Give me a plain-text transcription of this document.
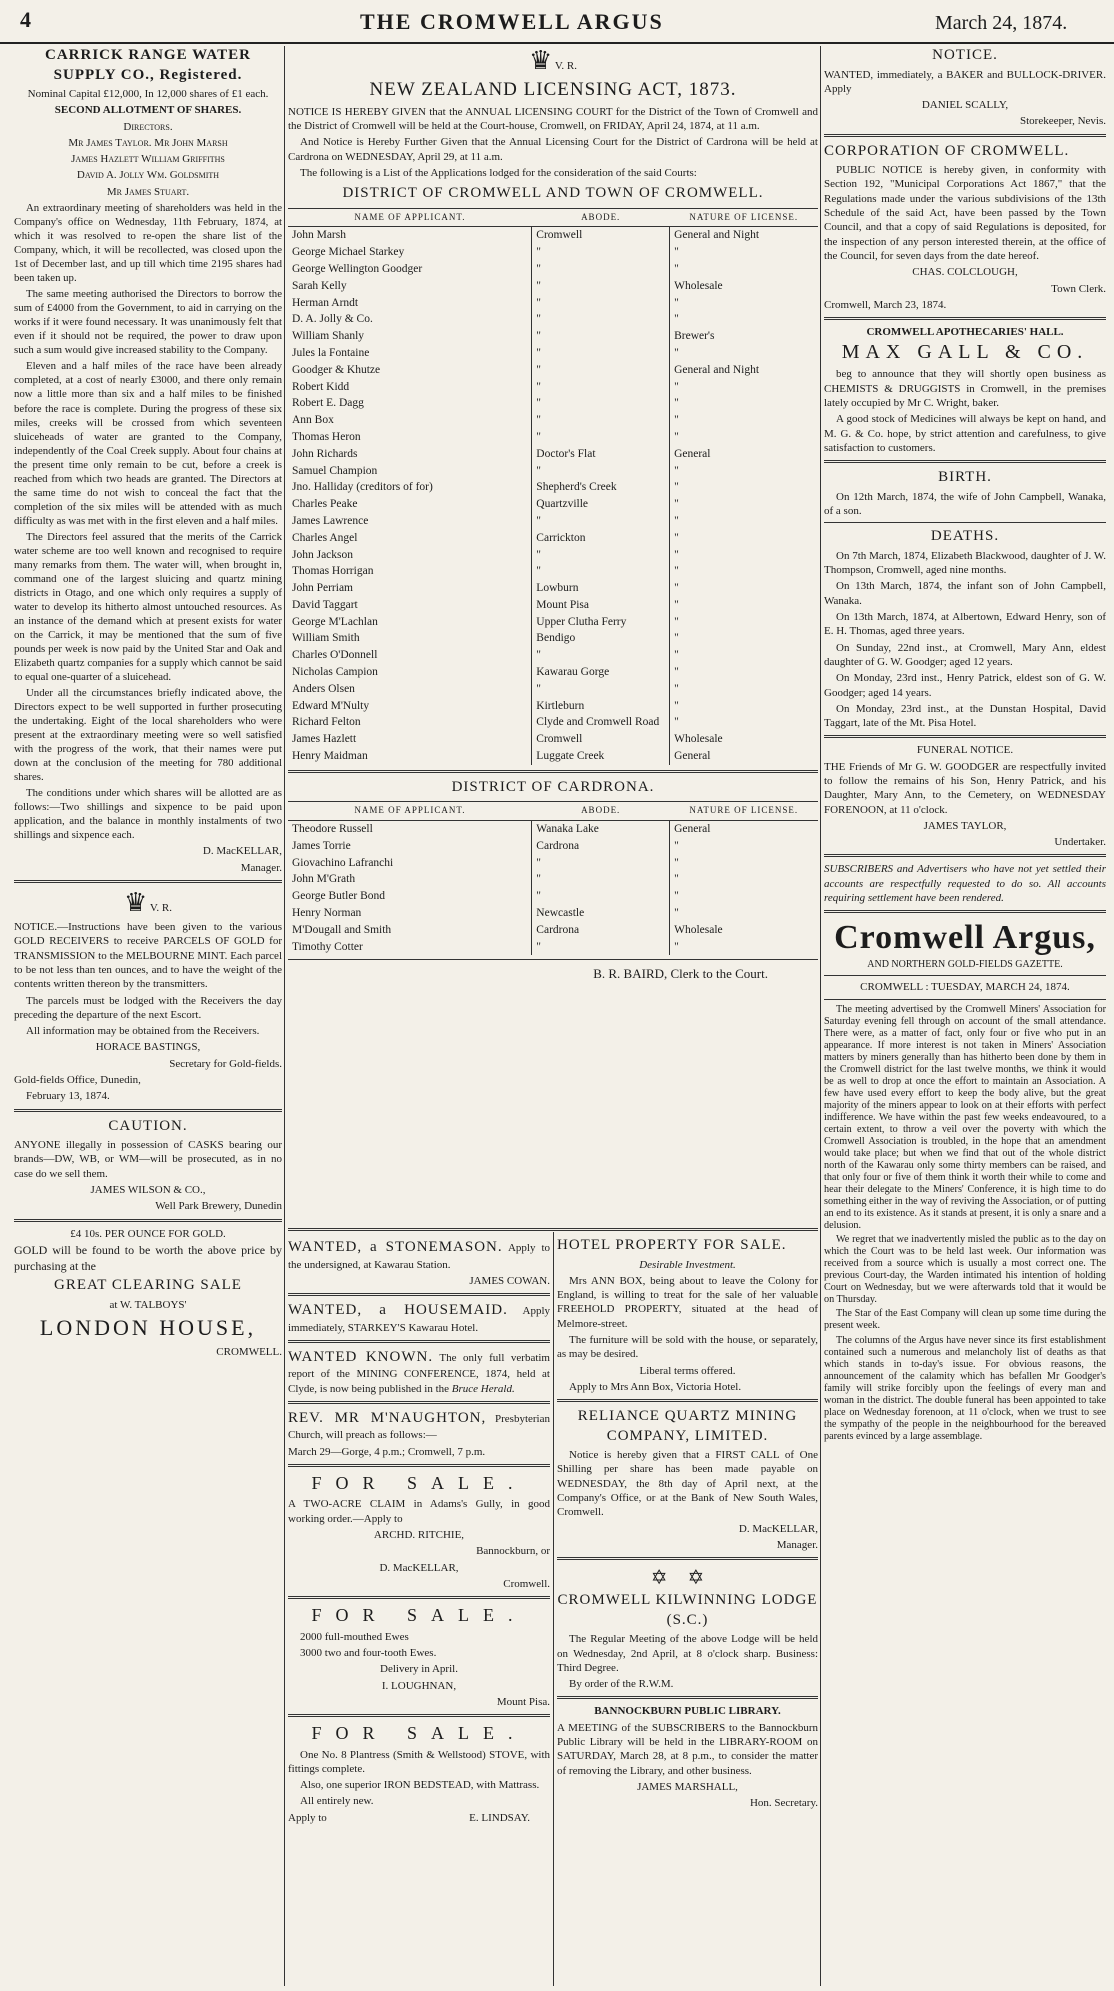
4	THE CROMWELL ARGUS	March 24, 1874.
CARRICK RANGE WATER SUPPLY CO., Registered.

Nominal Capital £12,000, In 12,000 shares of £1 each.

SECOND ALLOTMENT OF SHARES.

Directors.

Mr James Taylor. Mr John Marsh

James Hazlett William Griffiths

David A. Jolly Wm. Goldsmith

Mr James Stuart.

An extraordinary meeting of shareholders was held in the Company's office on Wednesday, 11th February, 1874, at which it was resolved to re-open the share list of the Company, which, it will be recollected, was closed upon the 1st of December last, and up till which time 2195 shares had been taken up.

The same meeting authorised the Directors to borrow the sum of £4000 from the Government, to aid in carrying on the works if it were found necessary. It was unanimously felt that even if it should not be required, the power to draw upon such a sum would give increased stability to the Company.

Eleven and a half miles of the race have been already completed, at a cost of nearly £3000, and there only remain now a little more than six and a half miles to be finished before the race is complete. During the progress of these six miles, creeks will be crossed from which seventeen sluiceheads of water are granted to the Company, independently of the Coal Creek supply. About four chains at the present time only remain to be cut, before a creek is reached from which two heads are granted. The Directors at the same time do not wish to conceal the fact that the completion of the six miles will be attended with as much difficulty as was met with in the first eleven and a half miles.

The Directors feel assured that the merits of the Carrick water scheme are too well known and recognised to require many remarks from them. The water will, when brought in, command one of the largest sluicing and quartz mining districts in Otago, and one which only requires a supply of water to develop its hitherto almost untouched resources. As an instance of the demand which at present exists for water on the Carrick, it may be mentioned that the sum of five pounds per week is now paid by the United Star and Oak and Elizabeth quartz companies for a supply which cannot be said to equal one-quarter of a sluicehead.

Under all the circumstances briefly indicated above, the Directors expect to be well supported in further prosecuting the undertaking. Eight of the local shareholders who were present at the extraordinary meeting were so well satisfied with the progress of the work, that their names were put down at the conclusion of the meeting for 780 additional shares.

The conditions under which shares will be allotted are as follows:—Two shillings and sixpence to be paid upon application, and the balance in monthly instalments of two shillings and sixpence each.

D. MacKELLAR,

Manager.

♛ V. R.

NOTICE.—Instructions have been given to the various GOLD RECEIVERS to receive PARCELS OF GOLD for TRANSMISSION to the MELBOURNE MINT. Each parcel to be not less than ten ounces, and to have the weight of the contents written thereon by the transmitters.

The parcels must be lodged with the Receivers the day preceding the departure of the next Escort.

All information may be obtained from the Receivers.

HORACE BASTINGS,

Secretary for Gold-fields.

Gold-fields Office, Dunedin,

February 13, 1874.

CAUTION.

ANYONE illegally in possession of CASKS bearing our brands—DW, WB, or WM—will be prosecuted, as in no case do we sell them.

JAMES WILSON & CO.,

Well Park Brewery, Dunedin

£4 10s. PER OUNCE FOR GOLD.

GOLD will be found to be worth the above price by purchasing at the

GREAT CLEARING SALE

at W. TALBOYS'

LONDON HOUSE,

CROMWELL.

♛ V. R.
NEW ZEALAND LICENSING ACT, 1873.

NOTICE IS HEREBY GIVEN that the ANNUAL LICENSING COURT for the District of the Town of Cromwell and the District of Cromwell will be held at the Court-house, Cromwell, on FRIDAY, April 24, 1874, at 11 a.m.

And Notice is Hereby Further Given that the Annual Licensing Court for the District of Cardrona will be held at Cardrona on WEDNESDAY, April 29, at 11 a.m.

The following is a List of the Applications lodged for the consideration of the said Courts:

DISTRICT OF CROMWELL AND TOWN OF CROMWELL.
NAME OF APPLICANT.	ABODE.	NATURE OF LICENSE.
John Marsh	Cromwell	General and Night
George Michael Starkey	"	"
George Wellington Goodger	"	"
Sarah Kelly	"	Wholesale
Herman Arndt	"	"
D. A. Jolly & Co.	"	"
William Shanly	"	Brewer's
Jules la Fontaine	"	"
Goodger & Khutze	"	General and Night
Robert Kidd	"	"
Robert E. Dagg	"	"
Ann Box	"	"
Thomas Heron	"	"
John Richards	Doctor's Flat	General
Samuel Champion	"	"
Jno. Halliday (creditors of for)	Shepherd's Creek	"
Charles Peake	Quartzville	"
James Lawrence	"	"
Charles Angel	Carrickton	"
John Jackson	"	"
Thomas Horrigan	"	"
John Perriam	Lowburn	"
David Taggart	Mount Pisa	"
George M'Lachlan	Upper Clutha Ferry	"
William Smith	Bendigo	"
Charles O'Donnell	"	"
Nicholas Campion	Kawarau Gorge	"
Anders Olsen	"	"
Edward M'Nulty	Kirtleburn	"
Richard Felton	Clyde and Cromwell Road	"
James Hazlett	Cromwell	Wholesale
Henry Maidman	Luggate Creek	General
DISTRICT OF CARDRONA.
NAME OF APPLICANT.	ABODE.	NATURE OF LICENSE.
Theodore Russell	Wanaka Lake	General
James Torrie	Cardrona	"
Giovachino Lafranchi	"	"
John M'Grath	"	"
George Butler Bond	"	"
Henry Norman	Newcastle	"
M'Dougall and Smith	Cardrona	Wholesale
Timothy Cotter	"	"

B. R. BAIRD, Clerk to the Court.

WANTED, a STONEMASON. Apply to the undersigned, at Kawarau Station.

JAMES COWAN.

WANTED, a HOUSEMAID. Apply immediately, STARKEY'S Kawarau Hotel.

WANTED KNOWN. The only full verbatim report of the MINING CONFERENCE, 1874, held at Clyde, is now being published in the Bruce Herald.

REV. MR M'NAUGHTON, Presbyterian Church, will preach as follows:—

March 29—Gorge, 4 p.m.; Cromwell, 7 p.m.

FOR SALE.

A TWO-ACRE CLAIM in Adams's Gully, in good working order.—Apply to

ARCHD. RITCHIE,

Bannockburn, or

D. MacKELLAR,

Cromwell.

FOR SALE.

2000 full-mouthed Ewes

3000 two and four-tooth Ewes.

Delivery in April.

I. LOUGHNAN,

Mount Pisa.

FOR SALE.

One No. 8 Plantress (Smith & Wellstood) STOVE, with fittings complete.

Also, one superior IRON BEDSTEAD, with Mattrass.

All entirely new.

Apply to	E. LINDSAY.

HOTEL PROPERTY FOR SALE.

Desirable Investment.

Mrs ANN BOX, being about to leave the Colony for England, is willing to treat for the sale of her valuable FREEHOLD PROPERTY, situated at the head of Melmore-street.

The furniture will be sold with the house, or separately, as may be desired.

Liberal terms offered.

Apply to Mrs Ann Box, Victoria Hotel.

RELIANCE QUARTZ MINING COMPANY, LIMITED.

Notice is hereby given that a FIRST CALL of One Shilling per share has been made payable on WEDNESDAY, the 8th day of April next, at the Company's Office, or at the Bank of New South Wales, Cromwell.

D. MacKELLAR,

Manager.

✡✡
CROMWELL KILWINNING LODGE (S.C.)

The Regular Meeting of the above Lodge will be held on Wednesday, 2nd April, at 8 o'clock sharp. Business: Third Degree.

By order of the R.W.M.

BANNOCKBURN PUBLIC LIBRARY.

A MEETING of the SUBSCRIBERS to the Bannockburn Public Library will be held in the LIBRARY-ROOM on SATURDAY, March 28, at 8 p.m., to consider the matter of removing the Library, and other business.

JAMES MARSHALL,

Hon. Secretary.

NOTICE.

WANTED, immediately, a BAKER and BULLOCK-DRIVER. Apply

DANIEL SCALLY,

Storekeeper, Nevis.

CORPORATION OF CROMWELL.

PUBLIC NOTICE is hereby given, in conformity with Section 192, "Municipal Corporations Act 1867," that the Regulations made under the various subdivisions of the 13th Schedule of the said Act, have been passed by the Town Council, and that a copy of said Regulations is deposited, for the inspection of any person interested therein, at the office of the Council, for seven days from the date hereof.

CHAS. COLCLOUGH,

Town Clerk.

Cromwell, March 23, 1874.

CROMWELL APOTHECARIES' HALL.
MAX GALL & CO.

beg to announce that they will shortly open business as CHEMISTS & DRUGGISTS in Cromwell, in the premises lately occupied by Mr C. Wright, baker.

A good stock of Medicines will always be kept on hand, and M. G. & Co. hope, by strict attention and carefulness, to give satisfaction to customers.

BIRTH.

On 12th March, 1874, the wife of John Campbell, Wanaka, of a son.

DEATHS.

On 7th March, 1874, Elizabeth Blackwood, daughter of J. W. Thompson, Cromwell, aged nine months.

On 13th March, 1874, the infant son of John Campbell, Wanaka.

On 13th March, 1874, at Albertown, Edward Henry, son of E. H. Thomas, aged three years.

On Sunday, 22nd inst., at Cromwell, Mary Ann, eldest daughter of G. W. Goodger; aged 12 years.

On Monday, 23rd inst., Henry Patrick, eldest son of G. W. Goodger; aged 14 years.

On Monday, 23rd inst., at the Dunstan Hospital, David Taggart, late of the Mt. Pisa Hotel.

FUNERAL NOTICE.

THE Friends of Mr G. W. GOODGER are respectfully invited to follow the remains of his Son, Henry Patrick, and his Daughter, Mary Ann, to the Cemetery, on WEDNESDAY FORENOON, at 11 o'clock.

JAMES TAYLOR,

Undertaker.

SUBSCRIBERS and Advertisers who have not yet settled their accounts are respectfully requested to do so. All accounts requiring settlement have been rendered.

Cromwell Argus,
AND NORTHERN GOLD-FIELDS GAZETTE.
CROMWELL : TUESDAY, MARCH 24, 1874.

The meeting advertised by the Cromwell Miners' Association for Saturday evening fell through on account of the small attendance. There were, as a matter of fact, only four or five who put in an appearance. If more interest is not taken in Miners' Association matters by miners generally than has hitherto been done by them in the Cromwell district for the last twelve months, we think it would be as well to drop at once the effort to maintain an Association. A few have used every effort to keep the body alive, but the great majority of the miners appear to look on at their efforts with perfect indifference. We have within the past few weeks endeavoured, to a certain extent, to throw a veil over the poverty with which the Cromwell Association is troubled, in the hope that an amendment would take place; but when we find that out of the whole district north of the Kawarau only some thirty members can be raised, and that only four or five of them think it worth their while to come and hear their delegate to the Miners' Conference, it is high time to do something either in the way of reviving the Association, or of putting an end to its existence. As it stands at present, it is only a snare and a delusion.

We regret that we inadvertently misled the public as to the day on which the Court was to be held last week. Our information was received from a source which is usually a most correct one. The previous Court-day, the Warden intimated his intention of holding Court on Wednesday, but we were afterwards told that it would be on Thursday.

The Star of the East Company will clean up some time during the present week.

The columns of the Argus have never since its first establishment contained such a numerous and melancholy list of deaths as that which stands in to-day's issue. For obvious reasons, the announcement of the calamity which has befallen Mr Goodger's family will strike forcibly upon the feelings of every man and woman in the district. The double funeral has been appointed to take place on Wednesday forenoon, at 11 o'clock, when we trust to see the sympathy of the people in the neighbourhood for the bereaved parents evinced by a large assemblage.
